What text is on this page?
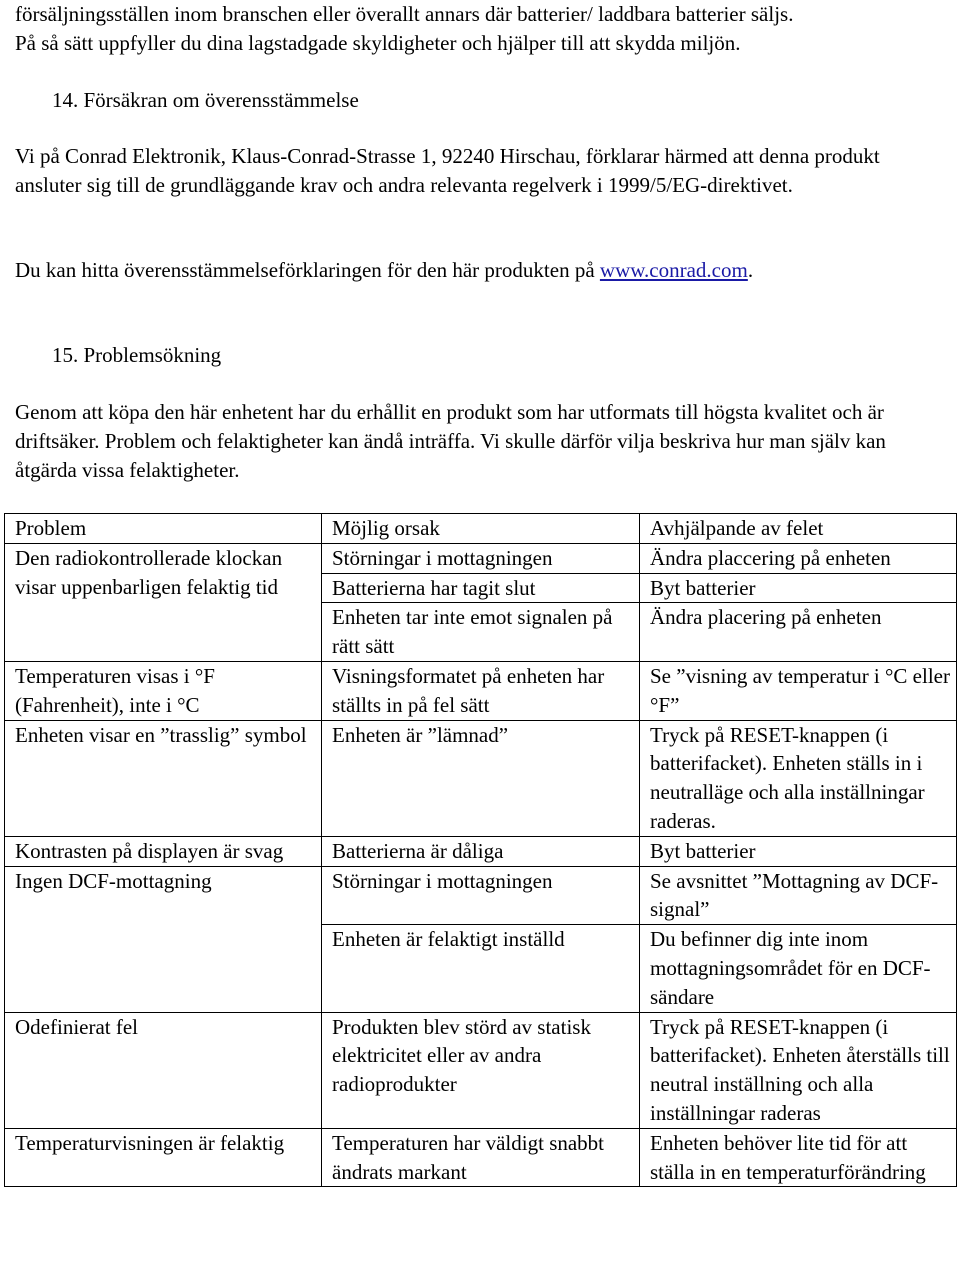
försäljningsställen inom branschen eller överallt annars där batterier/ laddbara batterier säljs.

På så sätt uppfyller du dina lagstadgade skyldigheter och hjälper till att skydda miljön.

14. Försäkran om överensstämmelse

Vi på Conrad Elektronik, Klaus-Conrad-Strasse 1, 92240 Hirschau, förklarar härmed att denna produkt ansluter sig till de grundläggande krav och andra relevanta regelverk i 1999/5/EG-direktivet.

Du kan hitta överensstämmelseförklaringen för den här produkten på www.conrad.com.

15. Problemsökning

Genom att köpa den här enhetent har du erhållit en produkt som har utformats till högsta kvalitet och är driftsäker. Problem och felaktigheter kan ändå inträffa. Vi skulle därför vilja beskriva hur man själv kan åtgärda vissa felaktigheter.

Problem	Möjlig orsak	Avhjälpande av felet
Den radiokontrollerade klockan visar uppenbarligen felaktig tid	Störningar i mottagningen	Ändra placcering på enheten
	Batterierna har tagit slut	Byt batterier
	Enheten tar inte emot signalen på rätt sätt	Ändra placering på enheten
Temperaturen visas i °F (Fahrenheit), inte i °C	Visningsformatet på enheten har ställts in på fel sätt	Se ”visning av temperatur i °C eller °F”
Enheten visar en ”trasslig” symbol	Enheten är ”lämnad”	Tryck på RESET-knappen (i batterifacket). Enheten ställs in i neutralläge och alla inställningar raderas.
Kontrasten på displayen är svag	Batterierna är dåliga	Byt batterier
Ingen DCF-mottagning	Störningar i mottagningen	Se avsnittet ”Mottagning av DCF-signal”
	Enheten är felaktigt inställd	Du befinner dig inte inom mottagningsområdet för en DCF-sändare
Odefinierat fel	Produkten blev störd av statisk elektricitet eller av andra radioprodukter	Tryck på RESET-knappen (i batterifacket). Enheten återställs till neutral inställning och alla inställningar raderas
Temperaturvisningen är felaktig	Temperaturen har väldigt snabbt ändrats markant	Enheten behöver lite tid för att ställa in en temperaturförändring
